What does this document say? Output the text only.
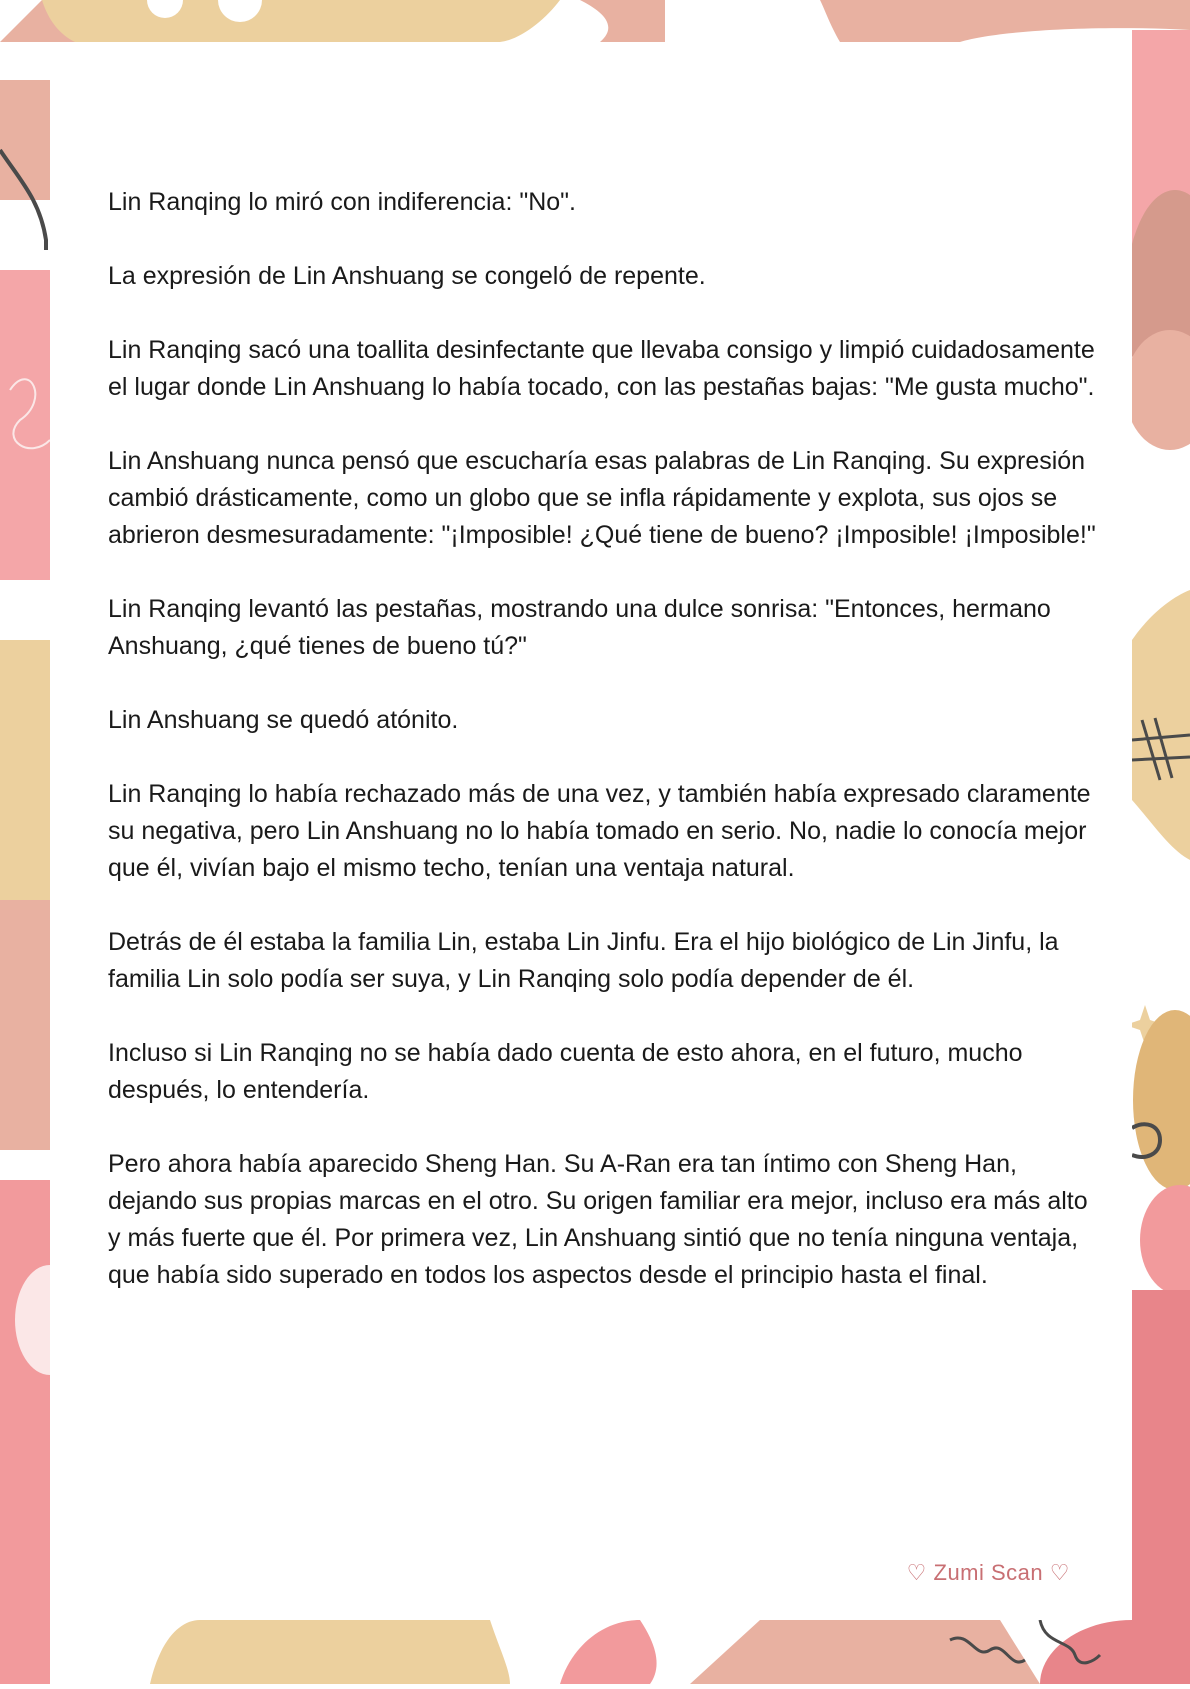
Lin Ranqing lo miró con indiferencia: "No".

La expresión de Lin Anshuang se congeló de repente.

Lin Ranqing sacó una toallita desinfectante que llevaba consigo y limpió cuidadosamente el lugar donde Lin Anshuang lo había tocado, con las pestañas bajas: "Me gusta mucho".

Lin Anshuang nunca pensó que escucharía esas palabras de Lin Ranqing. Su expresión cambió drásticamente, como un globo que se infla rápidamente y explota, sus ojos se abrieron desmesuradamente: "¡Imposible! ¿Qué tiene de bueno? ¡Imposible! ¡Imposible!"

Lin Ranqing levantó las pestañas, mostrando una dulce sonrisa: "Entonces, hermano Anshuang, ¿qué tienes de bueno tú?"

Lin Anshuang se quedó atónito.

Lin Ranqing lo había rechazado más de una vez, y también había expresado claramente su negativa, pero Lin Anshuang no lo había tomado en serio. No, nadie lo conocía mejor que él, vivían bajo el mismo techo, tenían una ventaja natural.

Detrás de él estaba la familia Lin, estaba Lin Jinfu. Era el hijo biológico de Lin Jinfu, la familia Lin solo podía ser suya, y Lin Ranqing solo podía depender de él.

Incluso si Lin Ranqing no se había dado cuenta de esto ahora, en el futuro, mucho después, lo entendería.

Pero ahora había aparecido Sheng Han. Su A-Ran era tan íntimo con Sheng Han, dejando sus propias marcas en el otro. Su origen familiar era mejor, incluso era más alto y más fuerte que él. Por primera vez, Lin Anshuang sintió que no tenía ninguna ventaja, que había sido superado en todos los aspectos desde el principio hasta el final.

♡ Zumi Scan ♡
